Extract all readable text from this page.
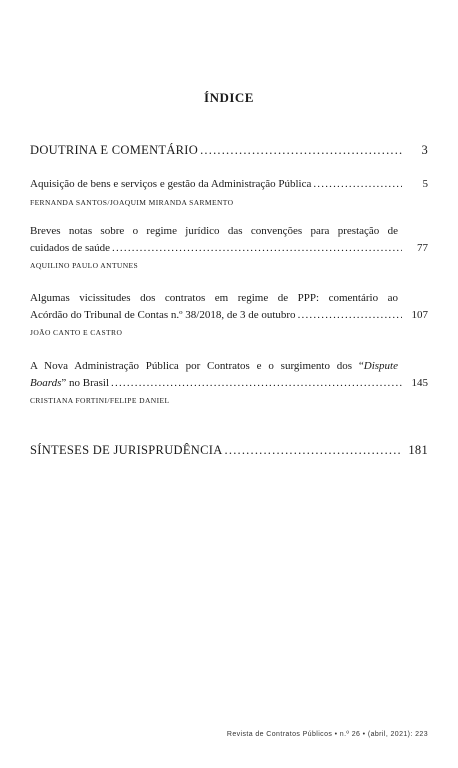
ÍNDICE
DOUTRINA E COMENTÁRIO .....	3
Aquisição de bens e serviços e gestão da Administração Pública .....	5
FERNANDA SANTOS/JOAQUIM MIRANDA SARMENTO
Breves notas sobre o regime jurídico das convenções para prestação de
cuidados de saúde .....	77
AQUILINO PAULO ANTUNES
Algumas vicissitudes dos contratos em regime de PPP: comentário ao
Acórdão do Tribunal de Contas n.º 38/2018, de 3 de outubro .....	107
JOÃO CANTO E CASTRO
A Nova Administração Pública por Contratos e o surgimento dos “Dispute
Boards” no Brasil .....	145
CRISTIANA FORTINI/FELIPE DANIEL
SÍNTESES DE JURISPRUDÊNCIA .....	181
Revista de Contratos Públicos • n.º 26 • (abril, 2021): 223
